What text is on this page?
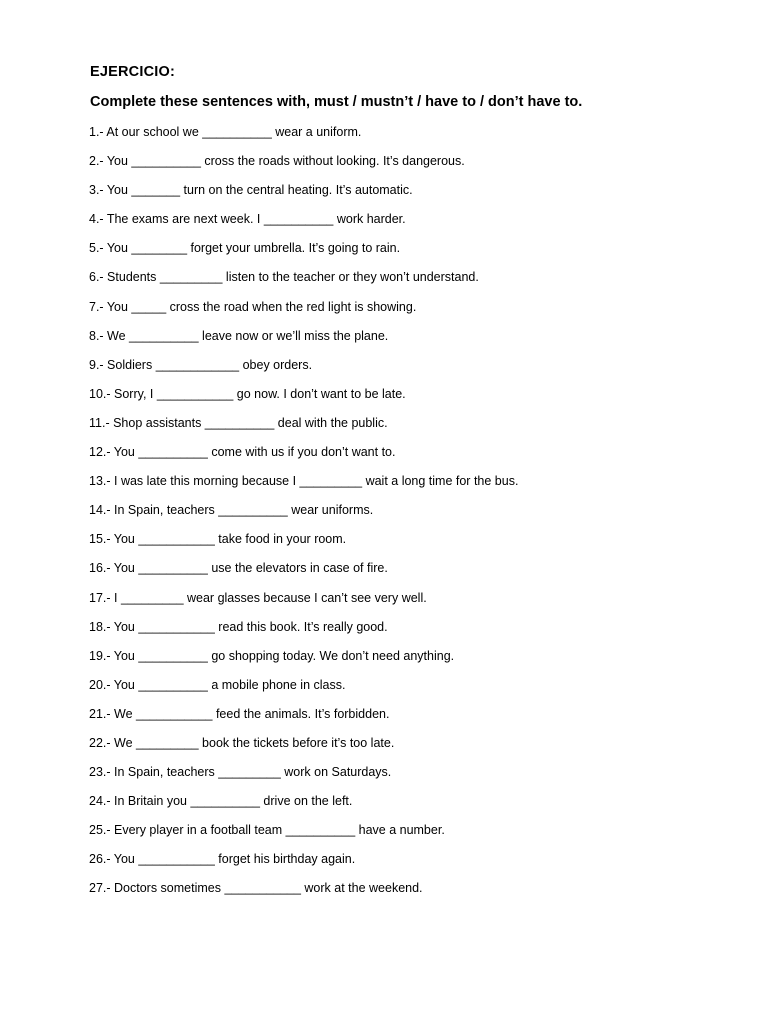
EJERCICIO:
Complete these sentences with, must / mustn’t / have to / don’t have to.
1.- At our school we __________ wear a uniform.
2.- You __________ cross the roads without looking. It’s dangerous.
3.- You _______ turn on the central heating. It’s automatic.
4.- The exams are next week. I __________ work harder.
5.- You ________ forget your umbrella. It’s going to rain.
6.- Students _________ listen to the teacher or they won’t understand.
7.- You _____ cross the road when the red light is showing.
8.- We __________ leave now or we’ll miss the plane.
9.- Soldiers ____________ obey orders.
10.- Sorry, I ___________ go now. I don’t want to be late.
11.- Shop assistants __________ deal with the public.
12.- You __________ come with us if you don’t want to.
13.- I was late this morning because I _________ wait a long time for the bus.
14.- In Spain, teachers __________ wear uniforms.
15.- You ___________ take food in your room.
16.- You __________ use the elevators in case of fire.
17.- I _________ wear glasses because I can’t see very well.
18.- You ___________ read this book. It’s really good.
19.- You __________ go shopping today. We don’t need anything.
20.- You __________ a mobile phone in class.
21.- We ___________ feed the animals. It’s forbidden.
22.- We _________ book the tickets before it’s too late.
23.- In Spain, teachers _________ work on Saturdays.
24.- In Britain you __________ drive on the left.
25.- Every player in a football team __________ have a number.
26.- You ___________ forget his birthday again.
27.- Doctors sometimes ___________ work at the weekend.
